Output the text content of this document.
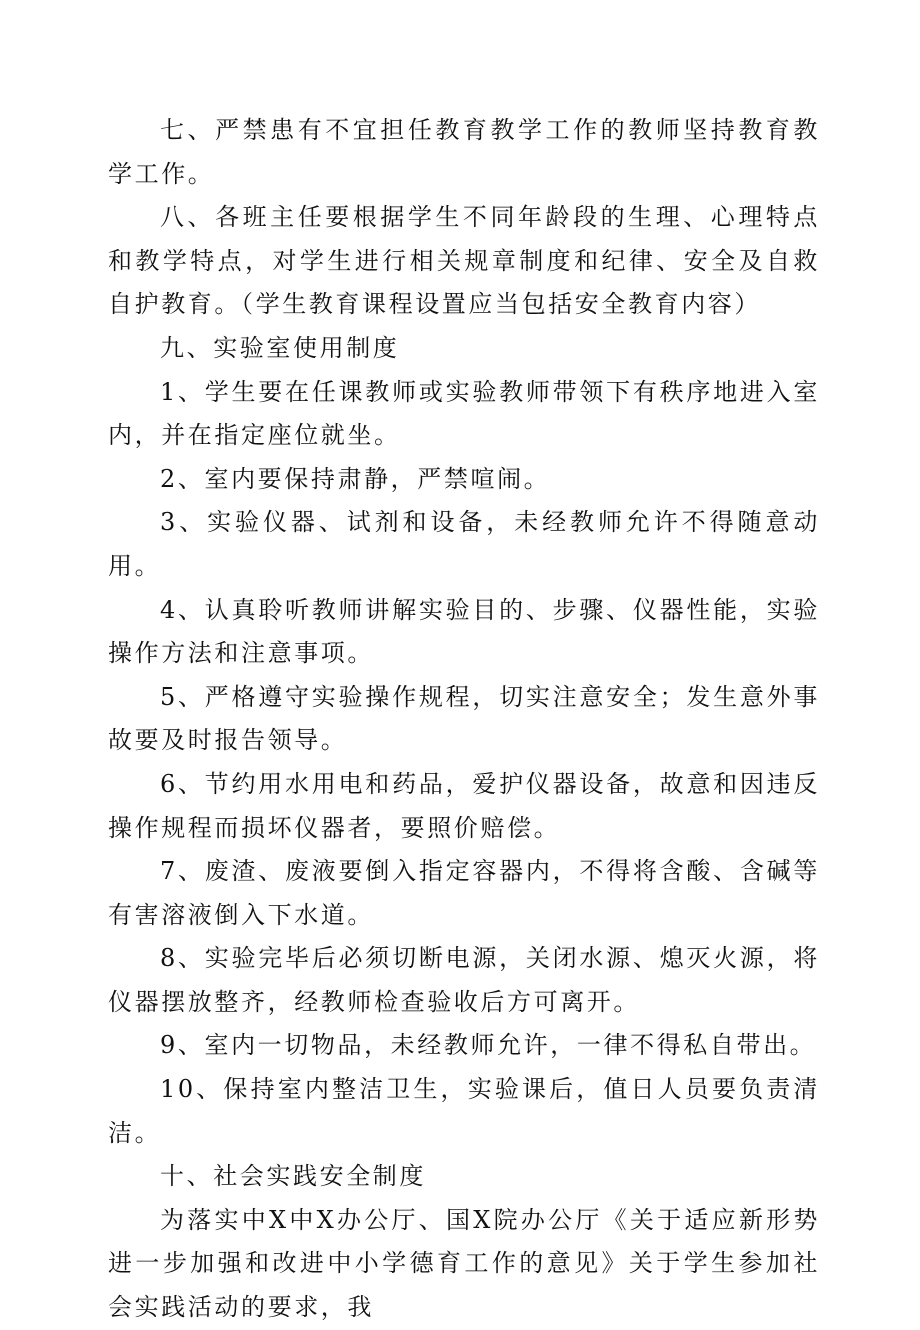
七、严禁患有不宜担任教育教学工作的教师坚持教育教学工作。

八、各班主任要根据学生不同年龄段的生理、心理特点和教学特点，对学生进行相关规章制度和纪律、安全及自救自护教育。（学生教育课程设置应当包括安全教育内容）

九、实验室使用制度

1、学生要在任课教师或实验教师带领下有秩序地进入室内，并在指定座位就坐。

2、室内要保持肃静，严禁喧闹。

3、实验仪器、试剂和设备，未经教师允许不得随意动用。

4、认真聆听教师讲解实验目的、步骤、仪器性能，实验操作方法和注意事项。

5、严格遵守实验操作规程，切实注意安全；发生意外事故要及时报告领导。

6、节约用水用电和药品，爱护仪器设备，故意和因违反操作规程而损坏仪器者，要照价赔偿。

7、废渣、废液要倒入指定容器内，不得将含酸、含碱等有害溶液倒入下水道。

8、实验完毕后必须切断电源，关闭水源、熄灭火源，将仪器摆放整齐，经教师检查验收后方可离开。

9、室内一切物品，未经教师允许，一律不得私自带出。

10、保持室内整洁卫生，实验课后，值日人员要负责清洁。

十、社会实践安全制度

为落实中X中X办公厅、国X院办公厅《关于适应新形势进一步加强和改进中小学德育工作的意见》关于学生参加社会实践活动的要求，我
